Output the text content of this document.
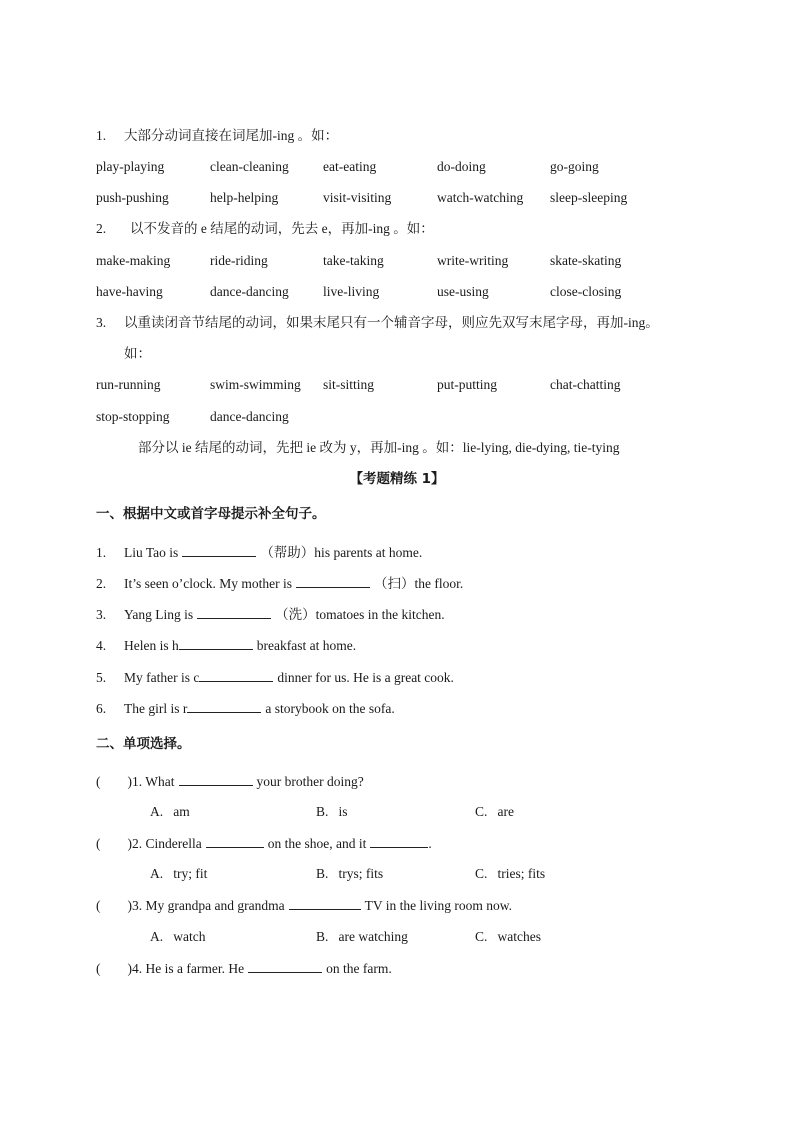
1. 大部分动词直接在词尾加-ing 。如：
play-playing	clean-cleaning	eat-eating	do-doing	go-going
push-pushing	help-helping	visit-visiting	watch-watching sleep-sleeping
2. 以不发音的 e 结尾的动词，先去 e，再加-ing 。如：
make-making	ride-riding	take-taking	write-writing	skate-skating
have-having	dance-dancing	live-living	use-using	close-closing
3. 以重读闭音节结尾的动词，如果末尾只有一个辅音字母，则应先双写末尾字母，再加-ing。
如：
run-running	swim-swimming sit-sitting	put-putting	chat-chatting
stop-stopping	dance-dancing
部分以 ie 结尾的动词，先把 ie 改为 y，再加-ing 。如：lie-lying, die-dying, tie-tying
【考题精练 1】
一、根据中文或首字母提示补全句子。
1. Liu Tao is	（帮助）his parents at home.
2. It’s seen o’clock. My mother is	（扫）the floor.
3. Yang Ling is	（洗）tomatoes in the kitchen.
4. Helen is h	breakfast at home.
5. My father is c	dinner for us. He is a great cook.
6. The girl is r	a storybook on the sofa.
二、单项选择。
(        )1. What	your brother doing?
A. am	B. is	C. are
(        )2. Cinderella	on the shoe, and it	.
A. try; fit	B. trys; fits	C. tries; fits
(        )3. My grandpa and grandma	TV in the living room now.
A. watch	B. are watching	C. watches
(        )4. He is a farmer. He	on the farm.
